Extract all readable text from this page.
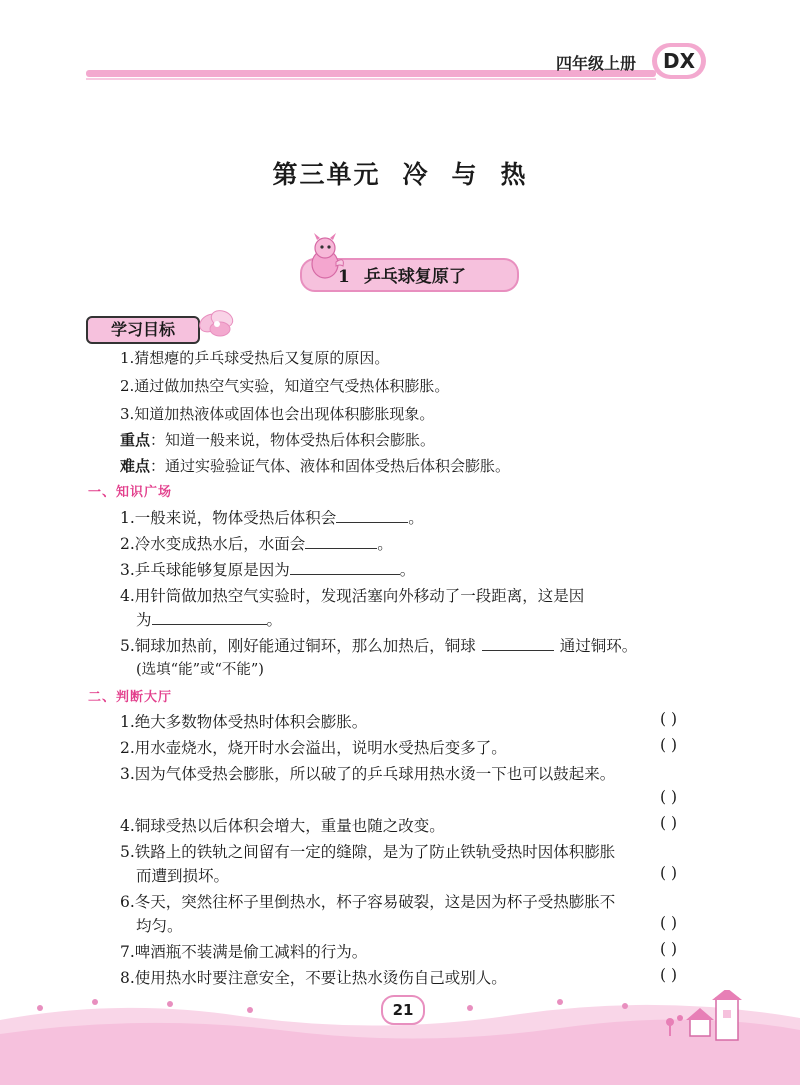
四年级上册 DX
第三单元 冷 与 热
1 乒乓球复原了
学习目标
1.猜想瘪的乒乓球受热后又复原的原因。
2.通过做加热空气实验，知道空气受热体积膨胀。
3.知道加热液体或固体也会出现体积膨胀现象。
重点：知道一般来说，物体受热后体积会膨胀。
难点：通过实验验证气体、液体和固体受热后体积会膨胀。
一、知识广场
1.一般来说，物体受热后体积会	。
2.冷水变成热水后，水面会	。
3.乒乓球能够复原是因为	。
4.用针筒做加热空气实验时，发现活塞向外移动了一段距离，这是因
为	。
5.铜球加热前，刚好能通过铜环，那么加热后，铜球	通过铜环。
(选填“能”或“不能”)
二、判断大厅
1.绝大多数物体受热时体积会膨胀。	( )
2.用水壶烧水，烧开时水会溢出，说明水受热后变多了。	( )
3.因为气体受热会膨胀，所以破了的乒乓球用热水烫一下也可以鼓起来。
( )
4.铜球受热以后体积会增大，重量也随之改变。	( )
5.铁路上的铁轨之间留有一定的缝隙，是为了防止铁轨受热时因体积膨胀
而遭到损坏。	( )
6.冬天，突然往杯子里倒热水，杯子容易破裂，这是因为杯子受热膨胀不
均匀。	( )
7.啤酒瓶不装满是偷工减料的行为。	( )
8.使用热水时要注意安全，不要让热水烫伤自己或别人。	( )
21
